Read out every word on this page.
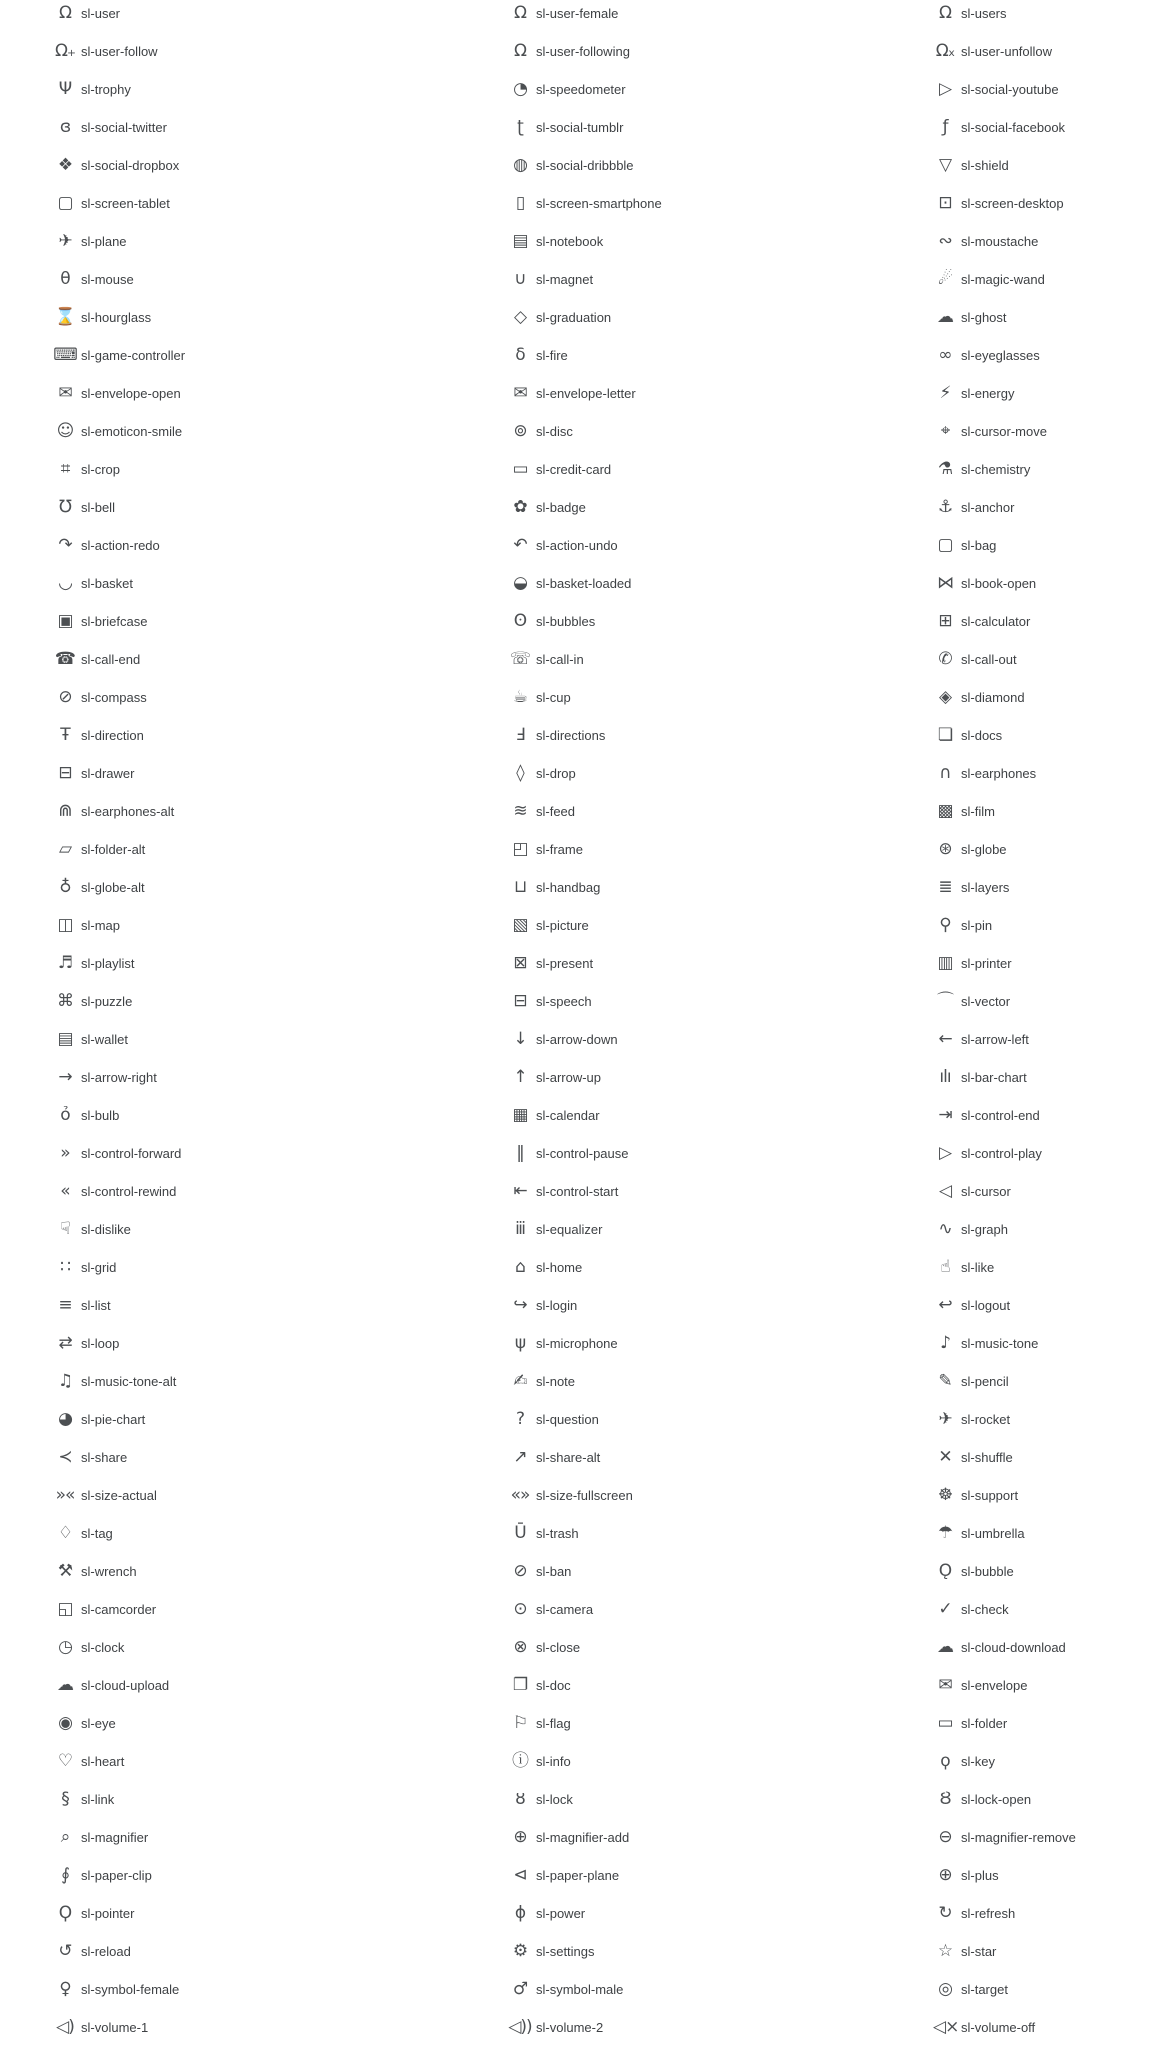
Ω sl-user	Ω sl-user-female	Ω sl-users
Ω₊ sl-user-follow	Ω sl-user-following	Ωₓ sl-user-unfollow
Ψ sl-trophy	◔ sl-speedometer	▷ sl-social-youtube
ɞ sl-social-twitter	ʈ	sl-social-tumblr	ƒ	sl-social-facebook
❖ sl-social-dropbox	◍ sl-social-dribbble	▽ sl-shield
▢ sl-screen-tablet	▯ sl-screen-smartphone	⊡ sl-screen-desktop
✈ sl-plane	▤ sl-notebook	∾ sl-moustache
θ sl-mouse	∪ sl-magnet	☄ sl-magic-wand
⌛ sl-hourglass	◇ sl-graduation	☁ sl-ghost
⌨ sl-game-controller	δ sl-fire	∞ sl-eyeglasses
✉ sl-envelope-open	✉ sl-envelope-letter	⚡ sl-energy
☺ sl-emoticon-smile	⊚ sl-disc	⌖ sl-cursor-move
⌗ sl-crop	▭ sl-credit-card	⚗ sl-chemistry
℧ sl-bell	✿ sl-badge	⚓ sl-anchor
↷ sl-action-redo	↶ sl-action-undo	▢ sl-bag
◡ sl-basket	◒ sl-basket-loaded	⋈ sl-book-open
▣ sl-briefcase	ʘ sl-bubbles	⊞ sl-calculator
☎ sl-call-end	☏ sl-call-in	✆ sl-call-out
⊘ sl-compass	☕ sl-cup	◈ sl-diamond
Ŧ sl-direction	Ⅎ sl-directions	❏ sl-docs
⊟ sl-drawer	◊ sl-drop	∩ sl-earphones
⋒ sl-earphones-alt	≋ sl-feed	▩ sl-film
▱ sl-folder-alt	◰ sl-frame	⊛ sl-globe
♁ sl-globe-alt	⊔ sl-handbag	≣ sl-layers
◫ sl-map	▧ sl-picture	⚲ sl-pin
♬ sl-playlist	⊠ sl-present	▥ sl-printer
⌘ sl-puzzle	⊟ sl-speech	⌒ sl-vector
▤ sl-wallet	↓ sl-arrow-down	← sl-arrow-left
→ sl-arrow-right	↑ sl-arrow-up	ılı sl-bar-chart
ỏ sl-bulb	▦ sl-calendar	⇥ sl-control-end
» sl-control-forward	‖ sl-control-pause	▷ sl-control-play
« sl-control-rewind	⇤ sl-control-start	◁ sl-cursor
☟ sl-dislike	ⅲ sl-equalizer	∿ sl-graph
∷ sl-grid	⌂ sl-home	☝ sl-like
≡ sl-list	↪ sl-login	↩ sl-logout
⇄ sl-loop	ψ sl-microphone	♪ sl-music-tone
♫ sl-music-tone-alt	✍ sl-note	✎ sl-pencil
◕ sl-pie-chart	? sl-question	✈ sl-rocket
≺ sl-share	↗ sl-share-alt	✕ sl-shuffle
»« sl-size-actual	«» sl-size-fullscreen	☸ sl-support
♢ sl-tag	Ū sl-trash	☂ sl-umbrella
⚒ sl-wrench	⊘ sl-ban	Ǫ sl-bubble
◱ sl-camcorder	⊙ sl-camera	✓ sl-check
◷ sl-clock	⊗ sl-close	☁ sl-cloud-download
☁ sl-cloud-upload	❐ sl-doc	✉ sl-envelope
◉ sl-eye	⚐ sl-flag	▭ sl-folder
♡ sl-heart	ⓘ sl-info	ϙ sl-key
§ sl-link	ȣ sl-lock	Ȣ sl-lock-open
⌕ sl-magnifier	⊕ sl-magnifier-add	⊖ sl-magnifier-remove
∮ sl-paper-clip	⊲ sl-paper-plane	⊕ sl-plus
Ϙ sl-pointer	ϕ sl-power	↻ sl-refresh
↺ sl-reload	⚙ sl-settings	☆ sl-star
♀ sl-symbol-female	♂ sl-symbol-male	◎ sl-target
◁) sl-volume-1	◁)) sl-volume-2	◁× sl-volume-off
